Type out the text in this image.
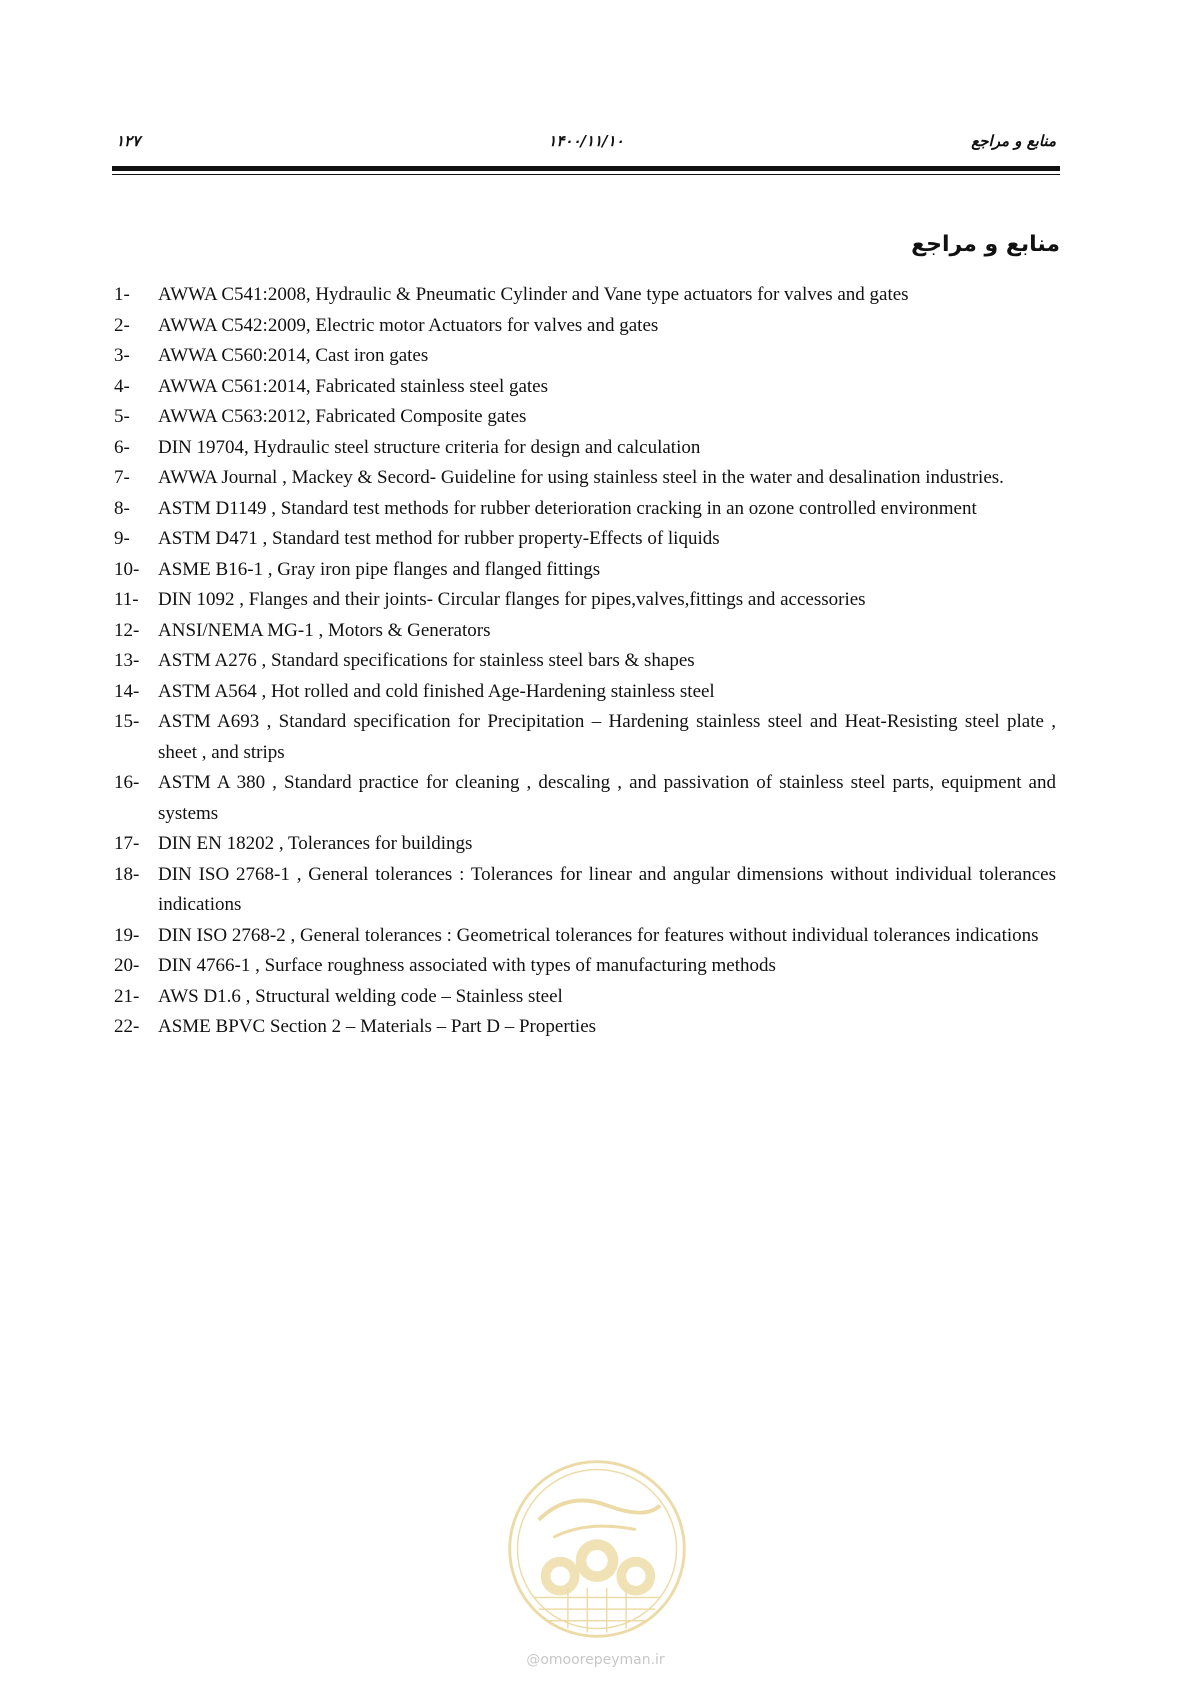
۱۲۷	۱۴۰۰/۱۱/۱۰	منابع و مراجع
منابع و مراجع
1- AWWA C541:2008, Hydraulic & Pneumatic Cylinder and Vane type actuators for valves and gates
2- AWWA C542:2009, Electric motor Actuators for valves and gates
3- AWWA C560:2014, Cast iron gates
4- AWWA C561:2014, Fabricated stainless steel gates
5- AWWA C563:2012, Fabricated Composite gates
6- DIN 19704, Hydraulic steel structure criteria for design and calculation
7- AWWA Journal , Mackey & Secord- Guideline for using stainless steel in the water and desalination industries.
8- ASTM D1149 , Standard test methods for rubber deterioration cracking in an ozone controlled environment
9- ASTM D471 , Standard test method for rubber property-Effects of liquids
10- ASME B16-1 , Gray iron pipe flanges and flanged fittings
11- DIN 1092 , Flanges and their joints- Circular flanges for pipes,valves,fittings and accessories
12- ANSI/NEMA MG-1 , Motors & Generators
13- ASTM A276 , Standard specifications for stainless steel bars & shapes
14- ASTM A564 , Hot rolled and cold finished Age-Hardening stainless steel
15- ASTM A693 , Standard specification for Precipitation – Hardening stainless steel and Heat-Resisting steel plate , sheet , and strips
16- ASTM A 380 , Standard practice for cleaning , descaling , and passivation of stainless steel parts, equipment and systems
17- DIN EN 18202 , Tolerances for buildings
18- DIN ISO 2768-1 , General tolerances : Tolerances for linear and angular dimensions without individual tolerances indications
19- DIN ISO 2768-2 , General tolerances : Geometrical tolerances for features without individual tolerances indications
20- DIN 4766-1 , Surface roughness associated with types of manufacturing methods
21- AWS D1.6 , Structural welding code – Stainless steel
22- ASME BPVC Section 2 – Materials – Part D – Properties
@omoorepeyman.ir
